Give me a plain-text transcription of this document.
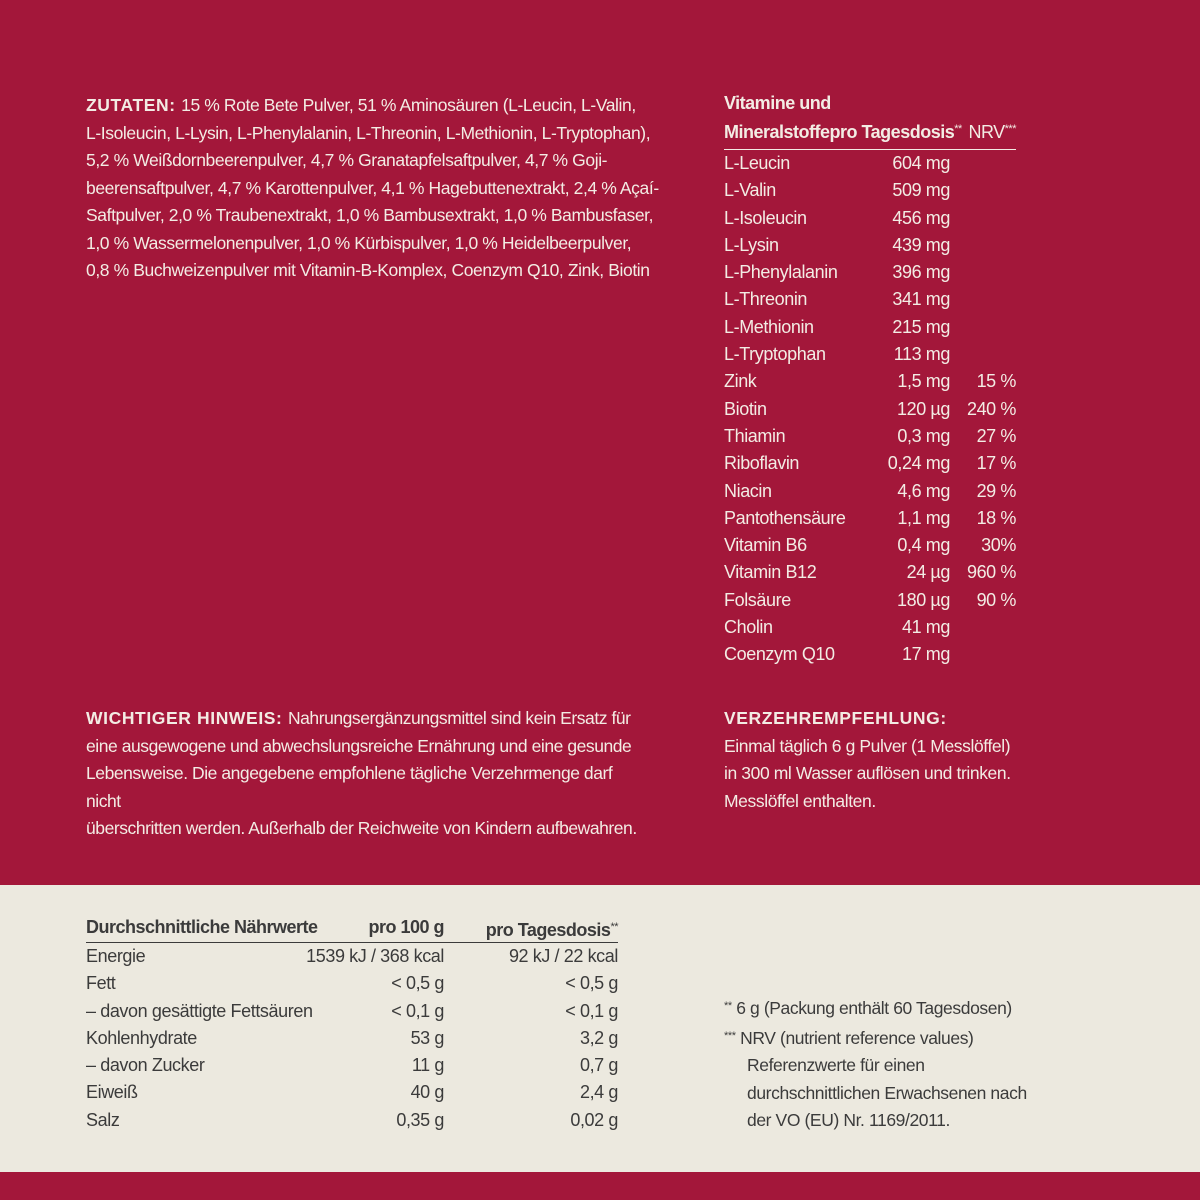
ZUTATEN: 15 % Rote Bete Pulver, 51 % Aminosäuren (L-Leucin, L-Valin,
L-Isoleucin, L-Lysin, L-Phenylalanin, L-Threonin, L-Methionin, L-Tryptophan),
5,2 % Weißdornbeerenpulver, 4,7 % Granatapfelsaftpulver, 4,7 % Goji-
beerensaftpulver, 4,7 % Karottenpulver, 4,1 % Hagebuttenextrakt, 2,4 % Açaí-
Saftpulver, 2,0 % Traubenextrakt, 1,0 % Bambusextrakt, 1,0 % Bambusfaser,
1,0 % Wassermelonenpulver, 1,0 % Kürbispulver, 1,0 % Heidelbeerpulver,
0,8 % Buchweizenpulver mit Vitamin-B-Komplex, Coenzym Q10, Zink, Biotin
Vitamine und
Mineralstoffepro Tagesdosis** NRV***
L-Leucin	604 mg
L-Valin	509 mg
L-Isoleucin	456 mg
L-Lysin	439 mg
L-Phenylalanin	396 mg
L-Threonin	341 mg
L-Methionin	215 mg
L-Tryptophan	113 mg
Zink	1,5 mg 15 %
Biotin	120 µg 240 %
Thiamin	0,3 mg 27 %
Riboflavin	0,24 mg 17 %
Niacin	4,6 mg 29 %
Pantothensäure	1,1 mg 18 %
Vitamin B6	0,4 mg 30%
Vitamin B12	24 µg 960 %
Folsäure	180 µg 90 %
Cholin	41 mg
Coenzym Q10	17 mg
WICHTIGER HINWEIS: Nahrungsergänzungsmittel sind kein Ersatz für
eine ausgewogene und abwechslungsreiche Ernährung und eine gesunde
Lebensweise. Die angegebene empfohlene tägliche Verzehrmenge darf nicht
überschritten werden. Außerhalb der Reichweite von Kindern aufbewahren.
VERZEHREMPFEHLUNG:
Einmal täglich 6 g Pulver (1 Messlöffel)
in 300 ml Wasser auflösen und trinken.
Messlöffel enthalten.
Durchschnittliche Nährwerte	pro 100 g pro Tagesdosis**
Energie	1539 kJ / 368 kcal	92 kJ / 22 kcal
Fett	< 0,5 g	< 0,5 g
– davon gesättigte Fettsäuren	< 0,1 g	< 0,1 g
Kohlenhydrate	53 g	3,2 g
– davon Zucker	11 g	0,7 g
Eiweiß	40 g	2,4 g
Salz	0,35 g	0,02 g
** 6 g (Packung enthält 60 Tagesdosen)
*** NRV (nutrient reference values)
Referenzwerte für einen
durchschnittlichen Erwachsenen nach
der VO (EU) Nr. 1169/2011.
